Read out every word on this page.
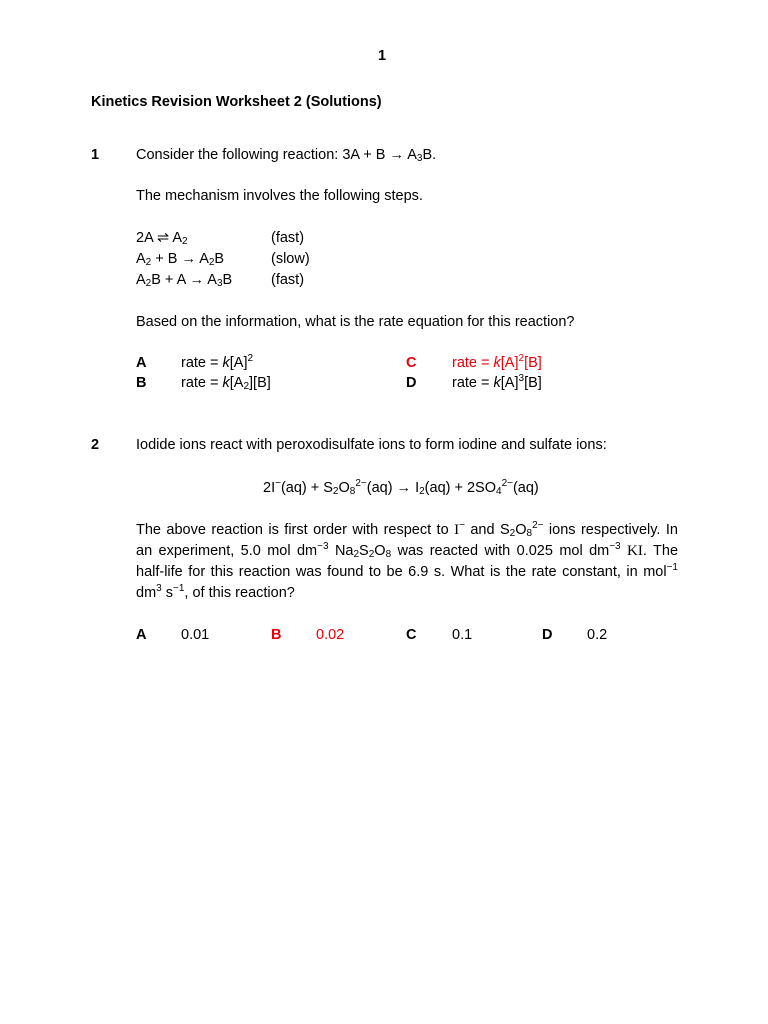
1
Kinetics Revision Worksheet 2 (Solutions)
1	Consider the following reaction: $3A + B \to A_3B$.
The mechanism involves the following steps.
2A ⇌ $A_2$	(fast)
$A_2 + B \to A_2B$	(slow)
$A_2B + A \to A_3B$	(fast)
Based on the information, what is the rate equation for this reaction?
A rate = $k[A]^2$	C rate = $k[A]^2[B]$
B rate = $k[A_2][B]$	D rate = $k[A]^3[B]$
2	Iodide ions react with peroxodisulfate ions to form iodine and sulfate ions:
$2I^-(aq) + S_2O_8^{2-}(aq) \to I_2(aq) + 2SO_4^{2-}(aq)$
The above reaction is first order with respect to I− and $S_2O_8^{2-}$ ions respectively. In an experiment, 5.0 mol $dm^{-3}$ $Na_2S_2O_8$ was reacted with 0.025 mol $dm^{-3}$ KI. The half-life for this reaction was found to be 6.9 s. What is the rate constant, in mol$^{-1}$ $dm^3$ $s^{-1}$, of this reaction?
A 0.01	B 0.02	C 0.1	D 0.2
